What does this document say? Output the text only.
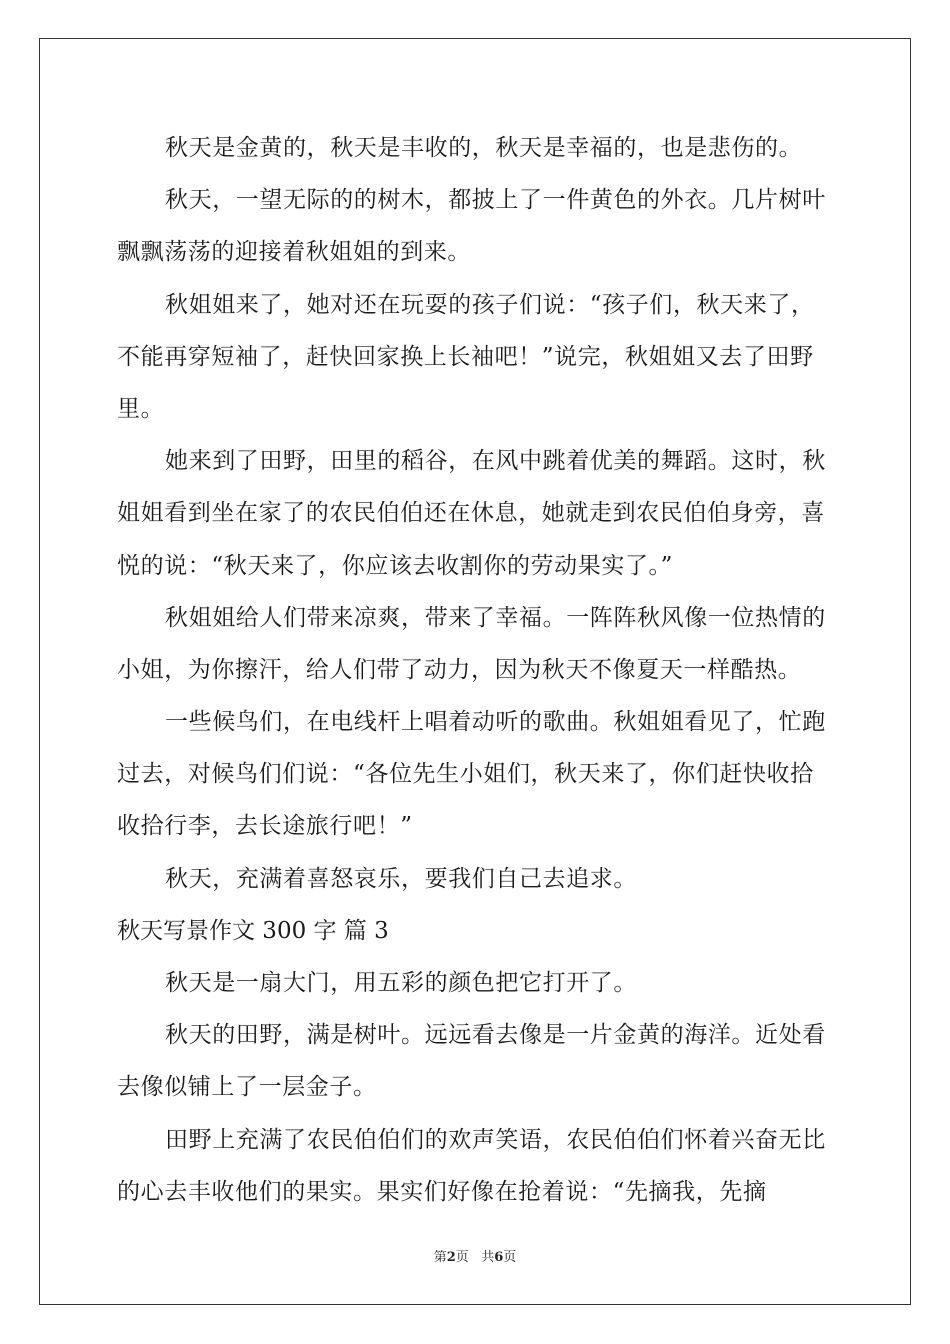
秋天是金黄的，秋天是丰收的，秋天是幸福的，也是悲伤的。
秋天，一望无际的的树木，都披上了一件黄色的外衣。几片树叶
飘飘荡荡的迎接着秋姐姐的到来。
秋姐姐来了，她对还在玩耍的孩子们说：“孩子们，秋天来了，
不能再穿短袖了，赶快回家换上长袖吧！”说完，秋姐姐又去了田野
里。
她来到了田野，田里的稻谷，在风中跳着优美的舞蹈。这时，秋
姐姐看到坐在家了的农民伯伯还在休息，她就走到农民伯伯身旁，喜
悦的说：“秋天来了，你应该去收割你的劳动果实了。”
秋姐姐给人们带来凉爽，带来了幸福。一阵阵秋风像一位热情的
小姐，为你擦汗，给人们带了动力，因为秋天不像夏天一样酷热。
一些候鸟们，在电线杆上唱着动听的歌曲。秋姐姐看见了，忙跑
过去，对候鸟们们说：“各位先生小姐们，秋天来了，你们赶快收拾
收拾行李，去长途旅行吧！”
秋天，充满着喜怒哀乐，要我们自己去追求。
秋天写景作文 300 字 篇 3
秋天是一扇大门，用五彩的颜色把它打开了。
秋天的田野，满是树叶。远远看去像是一片金黄的海洋。近处看
去像似铺上了一层金子。
田野上充满了农民伯伯们的欢声笑语，农民伯伯们怀着兴奋无比
的心去丰收他们的果实。果实们好像在抢着说：“先摘我，先摘
第2页 共6页
